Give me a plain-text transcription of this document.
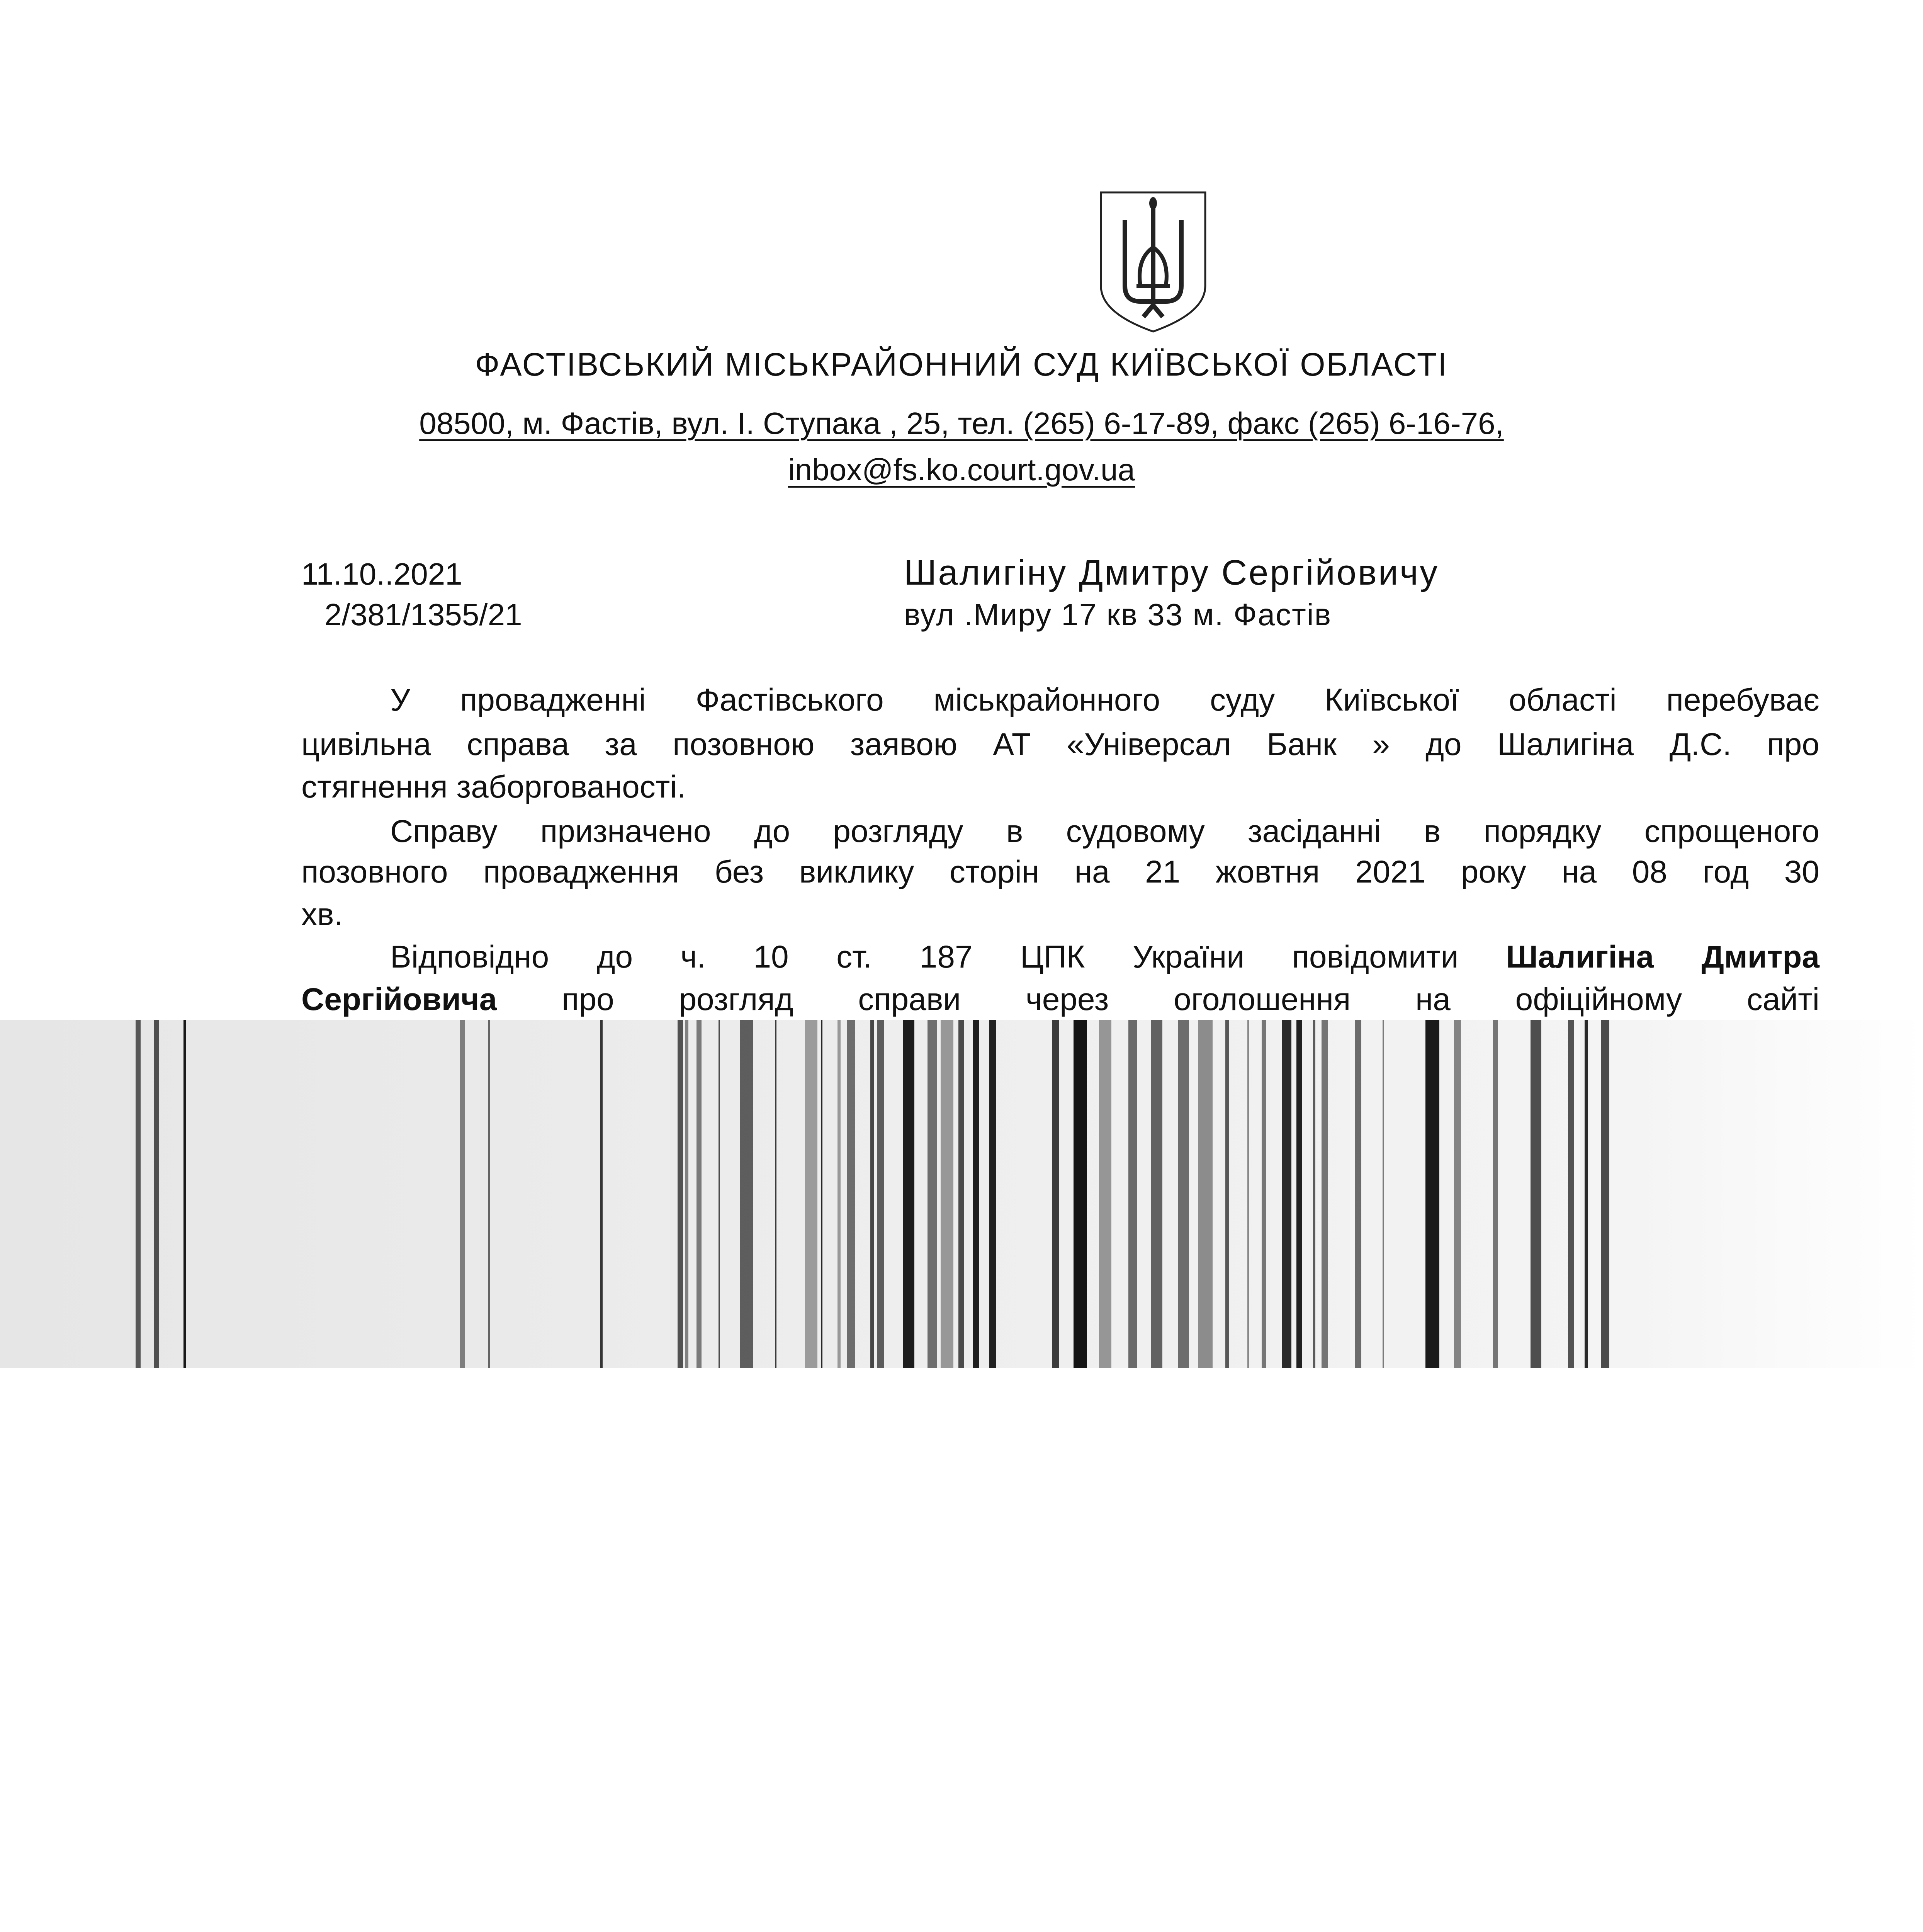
ФАСТІВСЬКИЙ МІСЬКРАЙОННИЙ СУД КИЇВСЬКОЇ ОБЛАСТІ
08500, м. Фастів, вул. І. Ступака , 25, тел. (265) 6-17-89, факс (265) 6-16-76,
inbox@fs.ko.court.gov.ua
11.10..2021
2/381/1355/21
Шалигіну Дмитру Сергійовичу
вул .Миру 17 кв 33 м. Фастів
У провадженні Фастівського міськрайонного суду Київської області перебуває
цивільна справа за позовною заявою АТ «Універсал Банк » до Шалигіна Д.С. про
стягнення заборгованості.
Справу призначено до розгляду в судовому засіданні в порядку спрощеного
позовного провадження без виклику сторін на 21 жовтня 2021 року на 08 год 30
хв.
Відповідно до ч. 10 ст. 187 ЦПК України повідомити Шалигіна Дмитра
Сергійовича про розгляд справи через оголошення на офіційному сайті
